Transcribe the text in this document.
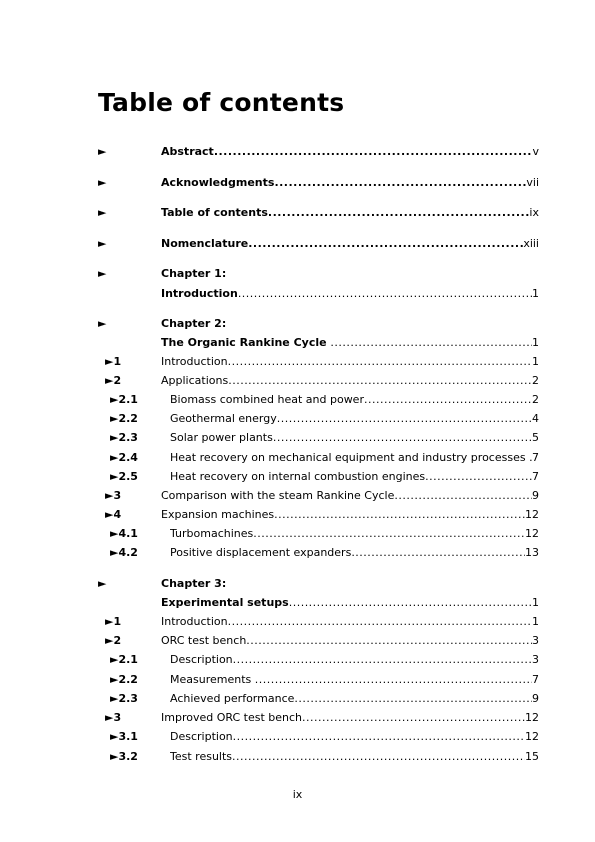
Table of contents
►	Abstract .....	v
►	Acknowledgments .....	vii
►	Table of contents .....	ix
►	Nomenclature .....	xiii
►	Chapter 1:
Introduction .....	1
►	Chapter 2:
The Organic Rankine Cycle .....	1
►1	Introduction .....	1
►2	Applications .....	2
►2.1	Biomass combined heat and power .....	2
►2.2	Geothermal energy .....	4
►2.3	Solar power plants .....	5
►2.4	Heat recovery on mechanical equipment and industry processes ..... 7
►2.5	Heat recovery on internal combustion engines .....	7
►3	Comparison with the steam Rankine Cycle .....	9
►4	Expansion machines .....	12
►4.1	Turbomachines .....	12
►4.2	Positive displacement expanders .....	13
►	Chapter 3:
Experimental setups .....	1
►1	Introduction .....	1
►2	ORC test bench .....	3
►2.1	Description .....	3
►2.2	Measurements .....	7
►2.3	Achieved performance .....	9
►3	Improved ORC test bench .....	12
►3.1	Description .....	12
►3.2	Test results .....	15
ix
